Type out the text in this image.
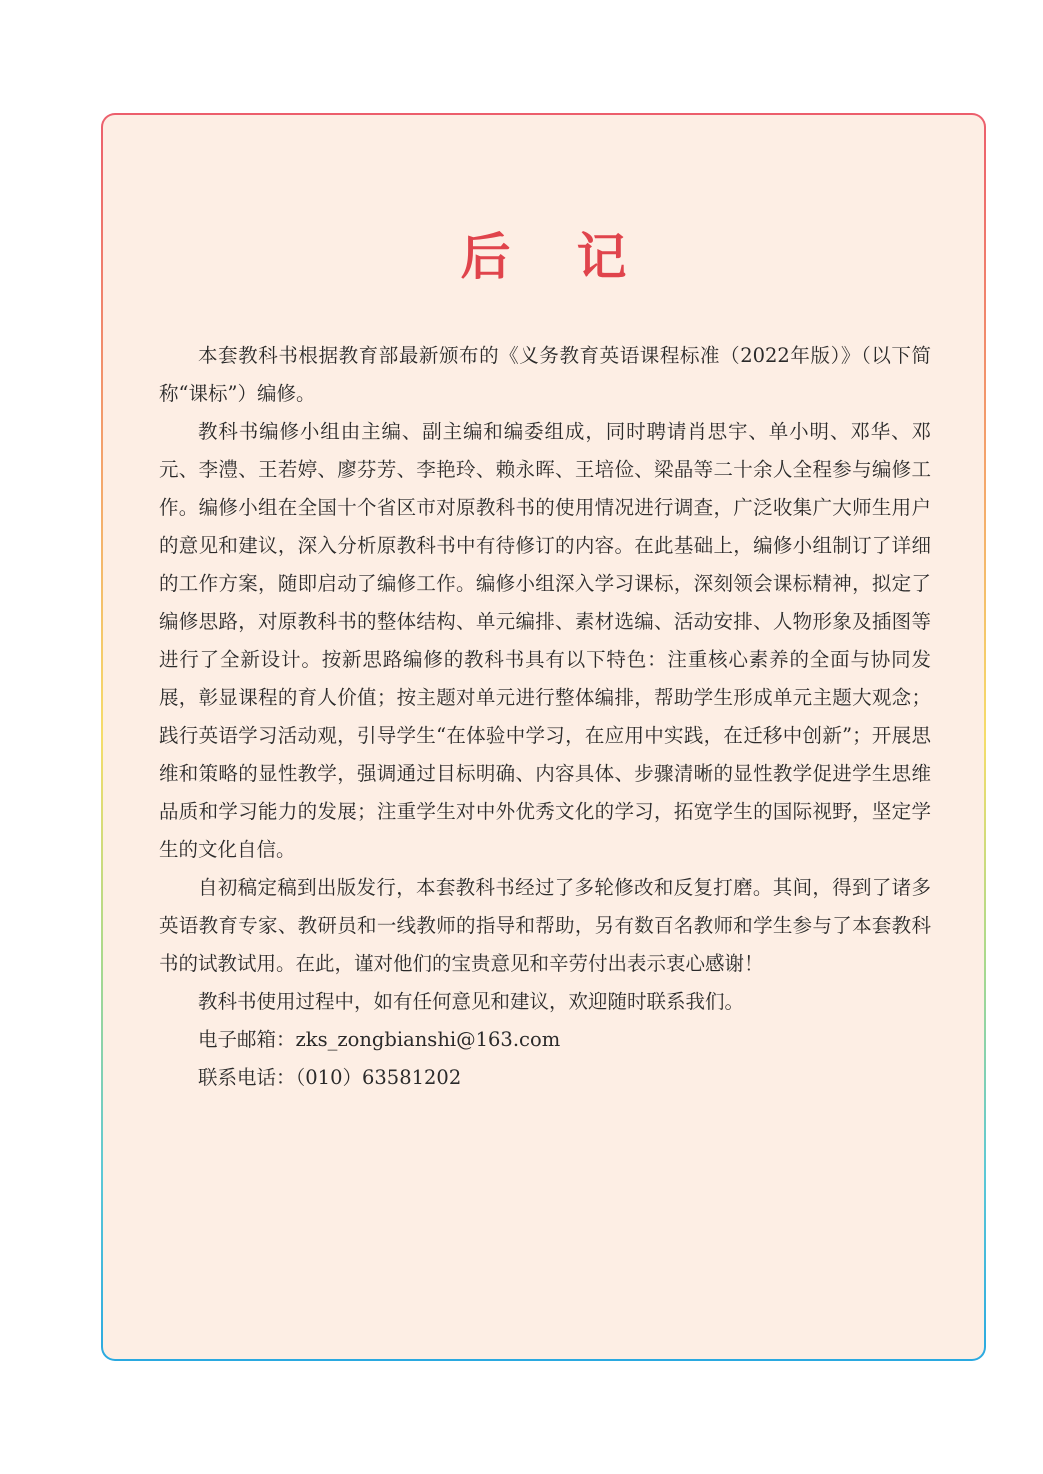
后记

本套教科书根据教育部最新颁布的《义务教育英语课程标准（2022年版）》（以下简称“课标”）编修。

教科书编修小组由主编、副主编和编委组成，同时聘请肖思宇、单小明、邓华、邓元、李澧、王若婷、廖芬芳、李艳玲、赖永晖、王培俭、梁晶等二十余人全程参与编修工作。编修小组在全国十个省区市对原教科书的使用情况进行调查，广泛收集广大师生用户的意见和建议，深入分析原教科书中有待修订的内容。在此基础上，编修小组制订了详细的工作方案，随即启动了编修工作。编修小组深入学习课标，深刻领会课标精神，拟定了编修思路，对原教科书的整体结构、单元编排、素材选编、活动安排、人物形象及插图等进行了全新设计。按新思路编修的教科书具有以下特色：注重核心素养的全面与协同发展，彰显课程的育人价值；按主题对单元进行整体编排，帮助学生形成单元主题大观念；践行英语学习活动观，引导学生“在体验中学习，在应用中实践，在迁移中创新”；开展思维和策略的显性教学，强调通过目标明确、内容具体、步骤清晰的显性教学促进学生思维品质和学习能力的发展；注重学生对中外优秀文化的学习，拓宽学生的国际视野，坚定学生的文化自信。

自初稿定稿到出版发行，本套教科书经过了多轮修改和反复打磨。其间，得到了诸多英语教育专家、教研员和一线教师的指导和帮助，另有数百名教师和学生参与了本套教科书的试教试用。在此，谨对他们的宝贵意见和辛劳付出表示衷心感谢！

教科书使用过程中，如有任何意见和建议，欢迎随时联系我们。

电子邮箱：zks_zongbianshi@163.com

联系电话：（010）63581202
